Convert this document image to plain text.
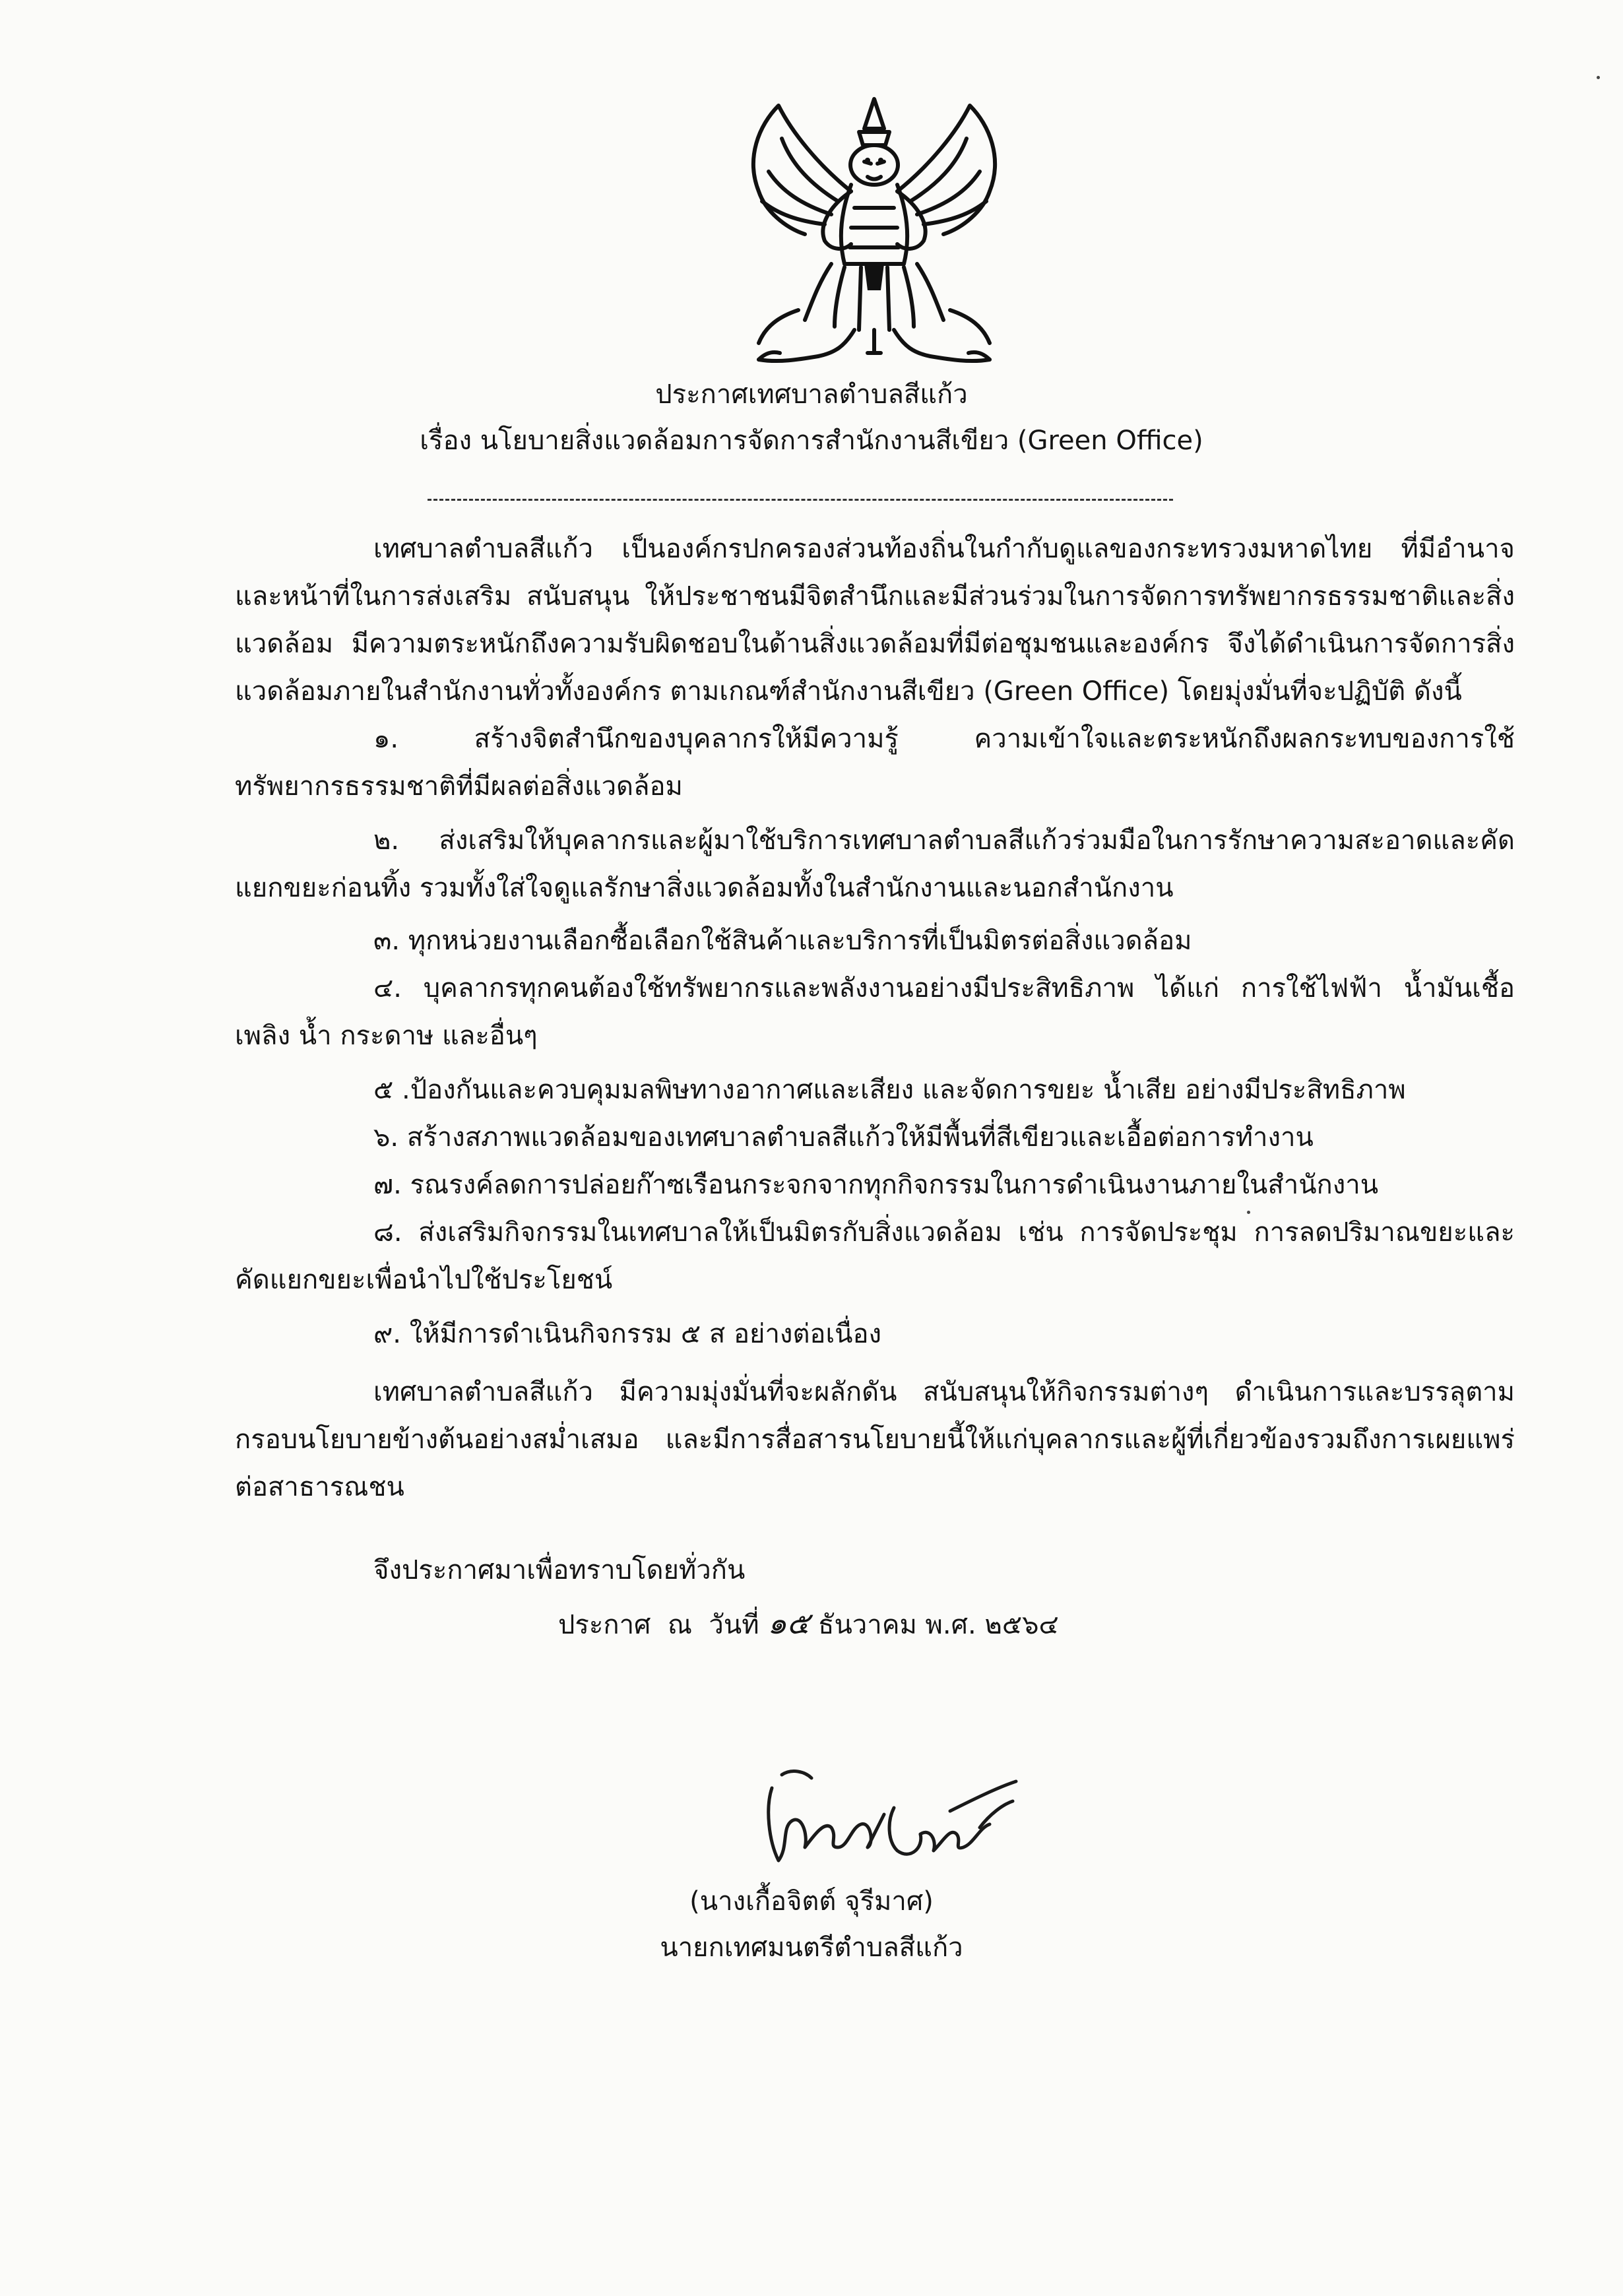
ประกาศเทศบาลตำบลสีแก้ว
เรื่อง นโยบายสิ่งแวดล้อมการจัดการสำนักงานสีเขียว (Green Office)
เทศบาลตำบลสีแก้ว เป็นองค์กรปกครองส่วนท้องถิ่นในกำกับดูแลของกระทรวงมหาดไทย ที่มีอำนาจและหน้าที่ในการส่งเสริม สนับสนุน ให้ประชาชนมีจิตสำนึกและมีส่วนร่วมในการจัดการทรัพยากรธรรมชาติและสิ่งแวดล้อม มีความตระหนักถึงความรับผิดชอบในด้านสิ่งแวดล้อมที่มีต่อชุมชนและองค์กร จึงได้ดำเนินการจัดการสิ่งแวดล้อมภายในสำนักงานทั่วทั้งองค์กร ตามเกณฑ์สำนักงานสีเขียว (Green Office) โดยมุ่งมั่นที่จะปฏิบัติ ดังนี้
๑. สร้างจิตสำนึกของบุคลากรให้มีความรู้ ความเข้าใจและตระหนักถึงผลกระทบของการใช้ทรัพยากรธรรมชาติที่มีผลต่อสิ่งแวดล้อม
๒. ส่งเสริมให้บุคลากรและผู้มาใช้บริการเทศบาลตำบลสีแก้วร่วมมือในการรักษาความสะอาดและคัดแยกขยะก่อนทิ้ง รวมทั้งใส่ใจดูแลรักษาสิ่งแวดล้อมทั้งในสำนักงานและนอกสำนักงาน
๓. ทุกหน่วยงานเลือกซื้อเลือกใช้สินค้าและบริการที่เป็นมิตรต่อสิ่งแวดล้อม
๔. บุคลากรทุกคนต้องใช้ทรัพยากรและพลังงานอย่างมีประสิทธิภาพ ได้แก่ การใช้ไฟฟ้า น้ำมันเชื้อเพลิง น้ำ กระดาษ และอื่นๆ
๕ .ป้องกันและควบคุมมลพิษทางอากาศและเสียง และจัดการขยะ น้ำเสีย อย่างมีประสิทธิภาพ
๖. สร้างสภาพแวดล้อมของเทศบาลตำบลสีแก้วให้มีพื้นที่สีเขียวและเอื้อต่อการทำงาน
๗. รณรงค์ลดการปล่อยก๊าซเรือนกระจกจากทุกกิจกรรมในการดำเนินงานภายในสำนักงาน
๘. ส่งเสริมกิจกรรมในเทศบาลให้เป็นมิตรกับสิ่งแวดล้อม เช่น การจัดประชุม การลดปริมาณขยะและคัดแยกขยะเพื่อนำไปใช้ประโยชน์
๙. ให้มีการดำเนินกิจกรรม ๕ ส อย่างต่อเนื่อง
เทศบาลตำบลสีแก้ว มีความมุ่งมั่นที่จะผลักดัน สนับสนุนให้กิจกรรมต่างๆ ดำเนินการและบรรลุตามกรอบนโยบายข้างต้นอย่างสม่ำเสมอ และมีการสื่อสารนโยบายนี้ให้แก่บุคลากรและผู้ที่เกี่ยวข้องรวมถึงการเผยแพร่ต่อสาธารณชน
จึงประกาศมาเพื่อทราบโดยทั่วกัน
ประกาศ  ณ  วันที่ ๑๕ ธันวาคม พ.ศ. ๒๕๖๔
(นางเกื้อจิตต์ จุรีมาศ)
นายกเทศมนตรีตำบลสีแก้ว
